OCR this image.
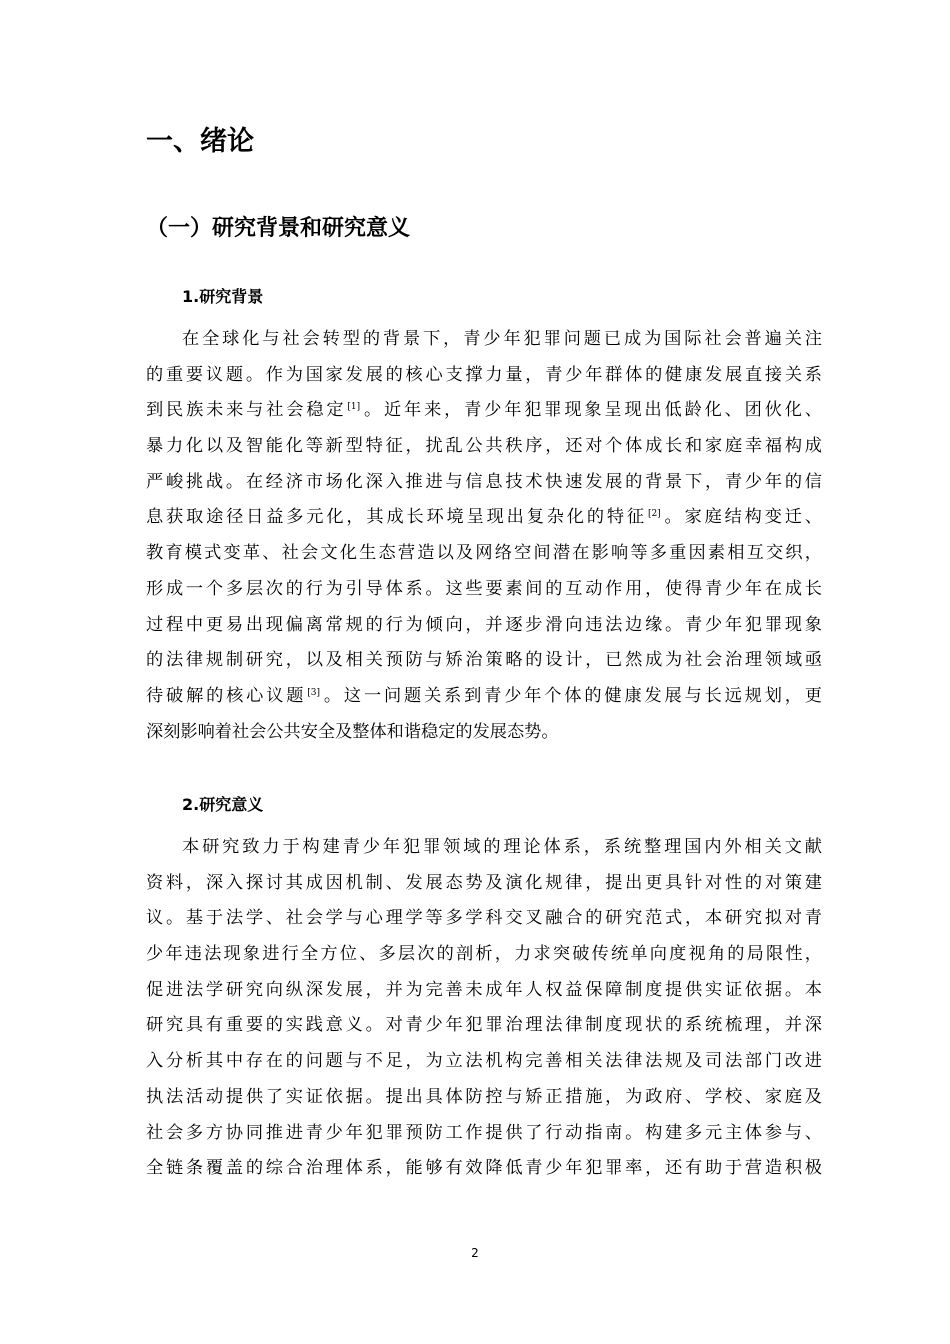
一、绪论
（一）研究背景和研究意义
1.研究背景
在全球化与社会转型的背景下，青少年犯罪问题已成为国际社会普遍关注
的重要议题。作为国家发展的核心支撑力量，青少年群体的健康发展直接关系
到民族未来与社会稳定[1]。近年来，青少年犯罪现象呈现出低龄化、团伙化、
暴力化以及智能化等新型特征，扰乱公共秩序，还对个体成长和家庭幸福构成
严峻挑战。在经济市场化深入推进与信息技术快速发展的背景下，青少年的信
息获取途径日益多元化，其成长环境呈现出复杂化的特征[2]。家庭结构变迁、
教育模式变革、社会文化生态营造以及网络空间潜在影响等多重因素相互交织，
形成一个多层次的行为引导体系。这些要素间的互动作用，使得青少年在成长
过程中更易出现偏离常规的行为倾向，并逐步滑向违法边缘。青少年犯罪现象
的法律规制研究，以及相关预防与矫治策略的设计，已然成为社会治理领域亟
待破解的核心议题[3]。这一问题关系到青少年个体的健康发展与长远规划，更
深刻影响着社会公共安全及整体和谐稳定的发展态势。
2.研究意义
本研究致力于构建青少年犯罪领域的理论体系，系统整理国内外相关文献
资料，深入探讨其成因机制、发展态势及演化规律，提出更具针对性的对策建
议。基于法学、社会学与心理学等多学科交叉融合的研究范式，本研究拟对青
少年违法现象进行全方位、多层次的剖析，力求突破传统单向度视角的局限性，
促进法学研究向纵深发展，并为完善未成年人权益保障制度提供实证依据。本
研究具有重要的实践意义。对青少年犯罪治理法律制度现状的系统梳理，并深
入分析其中存在的问题与不足，为立法机构完善相关法律法规及司法部门改进
执法活动提供了实证依据。提出具体防控与矫正措施，为政府、学校、家庭及
社会多方协同推进青少年犯罪预防工作提供了行动指南。构建多元主体参与、
全链条覆盖的综合治理体系，能够有效降低青少年犯罪率，还有助于营造积极
2
